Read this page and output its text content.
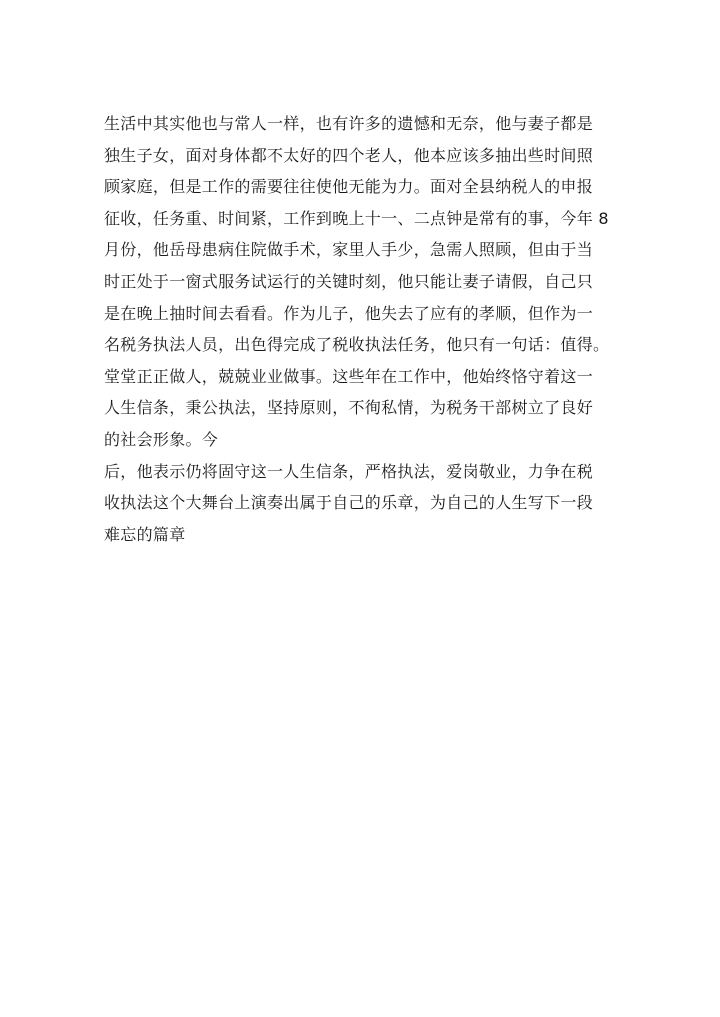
生活中其实他也与常人一样，也有许多的遗憾和无奈，他与妻子都是
独生子女，面对身体都不太好的四个老人，他本应该多抽出些时间照
顾家庭，但是工作的需要往往使他无能为力。面对全县纳税人的申报
征收，任务重、时间紧，工作到晚上十一、二点钟是常有的事，今年 8
月份，他岳母患病住院做手术，家里人手少，急需人照顾，但由于当
时正处于一窗式服务试运行的关键时刻，他只能让妻子请假，自己只
是在晚上抽时间去看看。作为儿子，他失去了应有的孝顺，但作为一
名税务执法人员，出色得完成了税收执法任务，他只有一句话：值得。
堂堂正正做人，兢兢业业做事。这些年在工作中，他始终恪守着这一
人生信条，秉公执法，坚持原则，不徇私情，为税务干部树立了良好
的社会形象。今
后，他表示仍将固守这一人生信条，严格执法，爱岗敬业，力争在税
收执法这个大舞台上演奏出属于自己的乐章，为自己的人生写下一段
难忘的篇章
